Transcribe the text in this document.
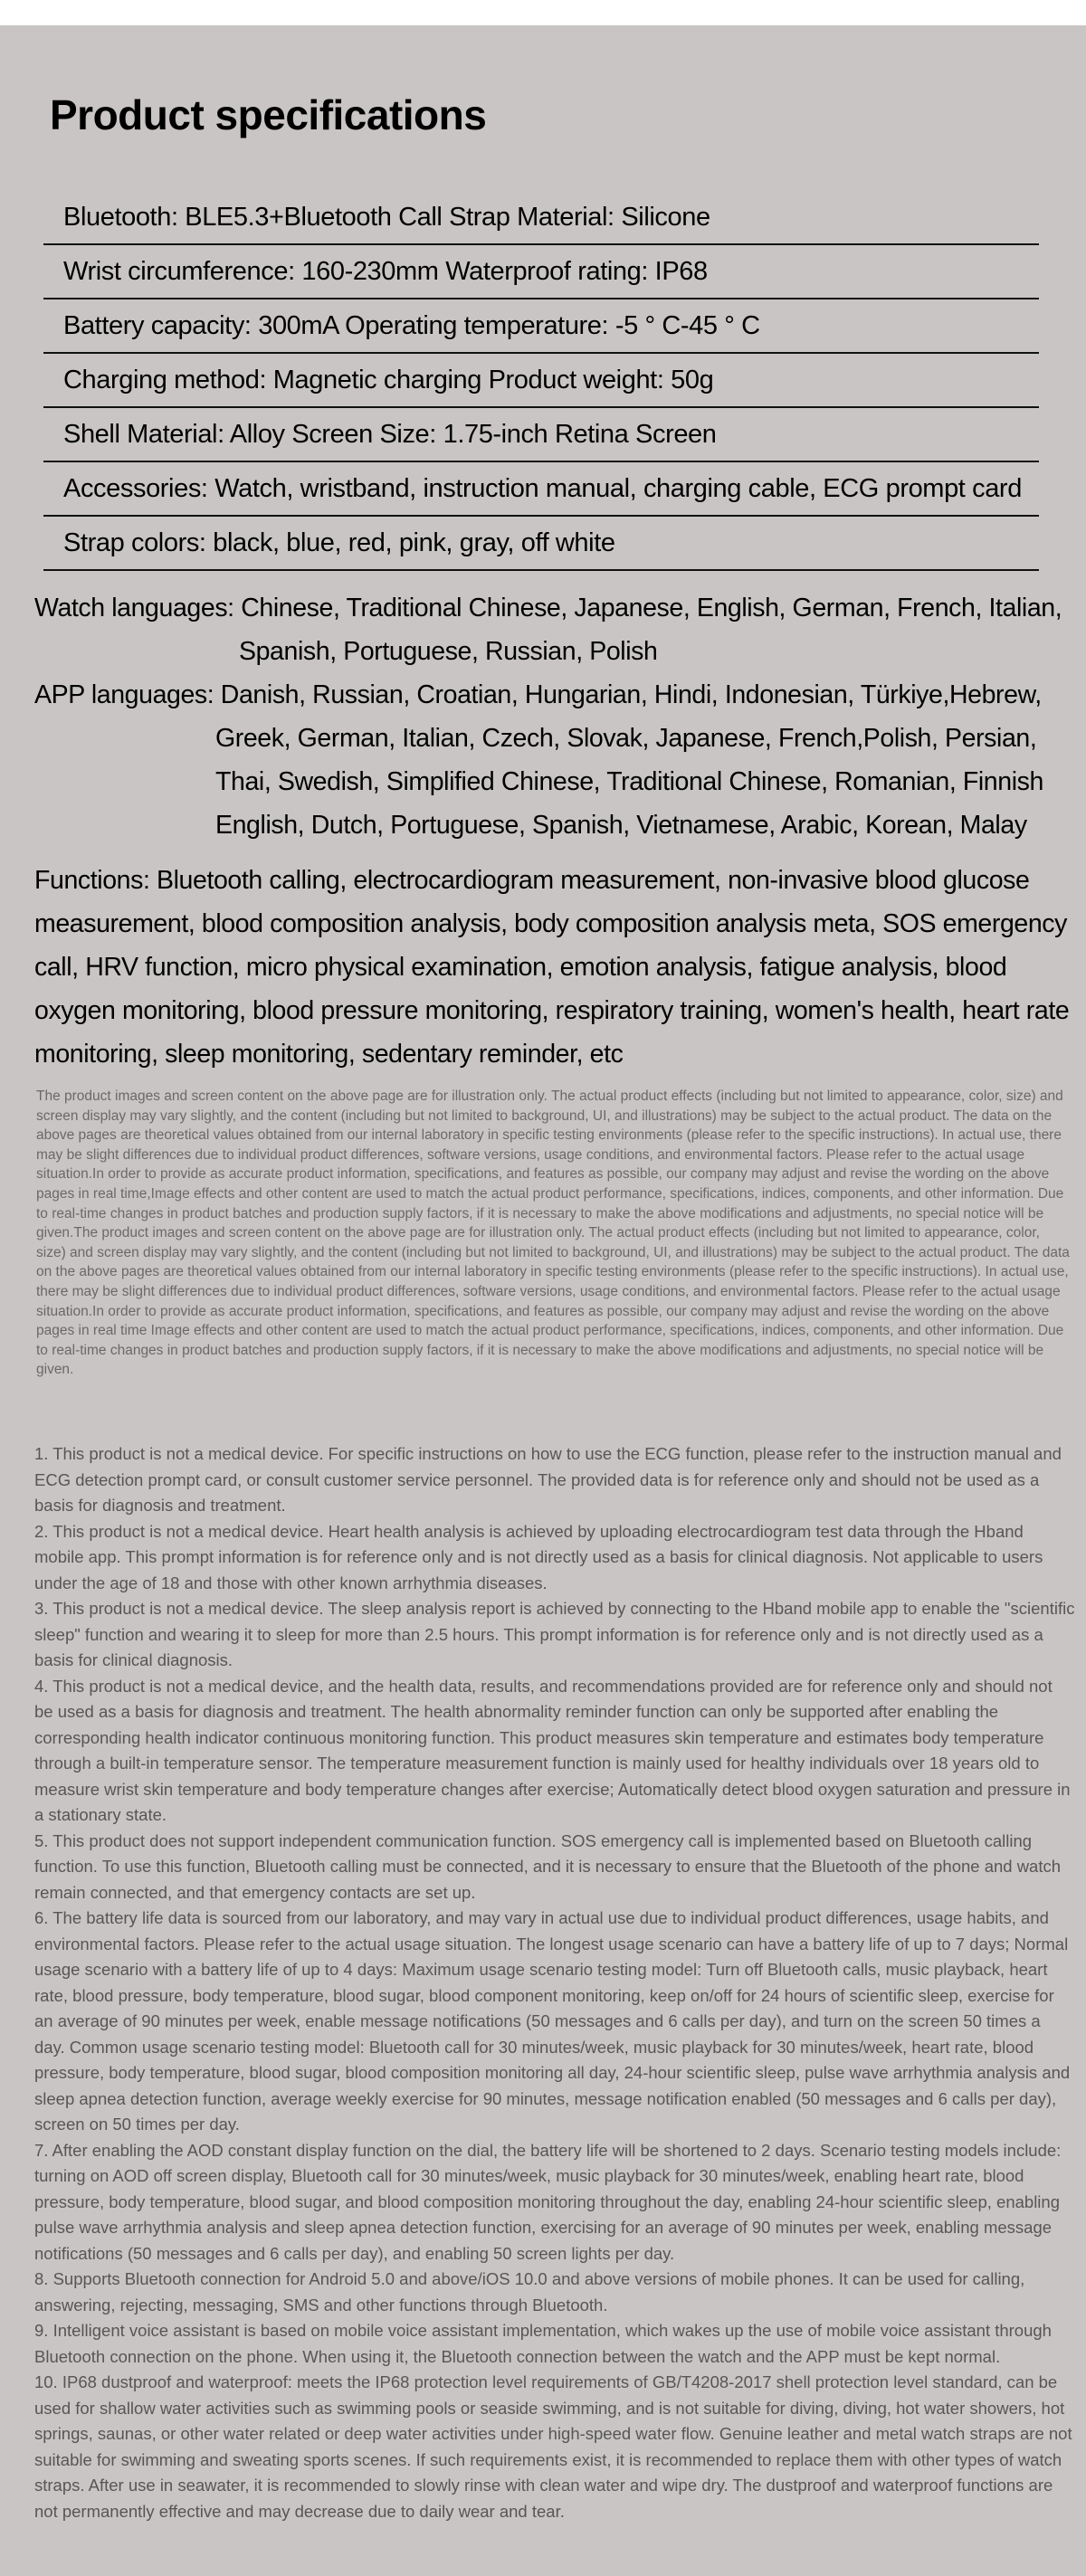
Product specifications
Bluetooth: BLE5.3+Bluetooth Call Strap Material: Silicone
Wrist circumference: 160-230mm Waterproof rating: IP68
Battery capacity: 300mA Operating temperature: -5 ° C-45 ° C
Charging method: Magnetic charging Product weight: 50g
Shell Material: Alloy Screen Size: 1.75-inch Retina Screen
Accessories: Watch, wristband, instruction manual, charging cable, ECG prompt card
Strap colors: black, blue, red, pink, gray, off white
Watch languages: Chinese, Traditional Chinese, Japanese, English, German, French, Italian,
Spanish, Portuguese, Russian, Polish
APP languages: Danish, Russian, Croatian, Hungarian, Hindi, Indonesian, Türkiye,Hebrew,
Greek, German, Italian, Czech, Slovak, Japanese, French,Polish, Persian,
Thai, Swedish, Simplified Chinese, Traditional Chinese, Romanian, Finnish
English, Dutch, Portuguese, Spanish, Vietnamese, Arabic, Korean, Malay

Functions: Bluetooth calling, electrocardiogram measurement, non-invasive blood glucose measurement, blood composition analysis, body composition analysis meta, SOS emergency call, HRV function, micro physical examination, emotion analysis, fatigue analysis, blood oxygen monitoring, blood pressure monitoring, respiratory training, women's health, heart rate monitoring, sleep monitoring, sedentary reminder, etc

The product images and screen content on the above page are for illustration only. The actual product effects (including but not limited to appearance, color, size) and screen display may vary slightly, and the content (including but not limited to background, UI, and illustrations) may be subject to the actual product. The data on the above pages are theoretical values obtained from our internal laboratory in specific testing environments (please refer to the specific instructions). In actual use, there may be slight differences due to individual product differences, software versions, usage conditions, and environmental factors. Please refer to the actual usage situation.In order to provide as accurate product information, specifications, and features as possible, our company may adjust and revise the wording on the above pages in real time,Image effects and other content are used to match the actual product performance, specifications, indices, components, and other information. Due to real-time changes in product batches and production supply factors, if it is necessary to make the above modifications and adjustments, no special notice will be given.The product images and screen content on the above page are for illustration only. The actual product effects (including but not limited to appearance, color, size) and screen display may vary slightly, and the content (including but not limited to background, UI, and illustrations) may be subject to the actual product. The data on the above pages are theoretical values obtained from our internal laboratory in specific testing environments (please refer to the specific instructions). In actual use, there may be slight differences due to individual product differences, software versions, usage conditions, and environmental factors. Please refer to the actual usage situation.In order to provide as accurate product information, specifications, and features as possible, our company may adjust and revise the wording on the above pages in real time Image effects and other content are used to match the actual product performance, specifications, indices, components, and other information. Due to real-time changes in product batches and production supply factors, if it is necessary to make the above modifications and adjustments, no special notice will be given.

1. This product is not a medical device. For specific instructions on how to use the ECG function, please refer to the instruction manual and ECG detection prompt card, or consult customer service personnel. The provided data is for reference only and should not be used as a basis for diagnosis and treatment.

2. This product is not a medical device. Heart health analysis is achieved by uploading electrocardiogram test data through the Hband mobile app. This prompt information is for reference only and is not directly used as a basis for clinical diagnosis. Not applicable to users under the age of 18 and those with other known arrhythmia diseases.

3. This product is not a medical device. The sleep analysis report is achieved by connecting to the Hband mobile app to enable the "scientific sleep" function and wearing it to sleep for more than 2.5 hours. This prompt information is for reference only and is not directly used as a basis for clinical diagnosis.

4. This product is not a medical device, and the health data, results, and recommendations provided are for reference only and should not be used as a basis for diagnosis and treatment. The health abnormality reminder function can only be supported after enabling the corresponding health indicator continuous monitoring function. This product measures skin temperature and estimates body temperature through a built-in temperature sensor. The temperature measurement function is mainly used for healthy individuals over 18 years old to measure wrist skin temperature and body temperature changes after exercise; Automatically detect blood oxygen saturation and pressure in a stationary state.

5. This product does not support independent communication function. SOS emergency call is implemented based on Bluetooth calling function. To use this function, Bluetooth calling must be connected, and it is necessary to ensure that the Bluetooth of the phone and watch remain connected, and that emergency contacts are set up.

6. The battery life data is sourced from our laboratory, and may vary in actual use due to individual product differences, usage habits, and environmental factors. Please refer to the actual usage situation. The longest usage scenario can have a battery life of up to 7 days; Normal usage scenario with a battery life of up to 4 days: Maximum usage scenario testing model: Turn off Bluetooth calls, music playback, heart rate, blood pressure, body temperature, blood sugar, blood component monitoring, keep on/off for 24 hours of scientific sleep, exercise for an average of 90 minutes per week, enable message notifications (50 messages and 6 calls per day), and turn on the screen 50 times a day. Common usage scenario testing model: Bluetooth call for 30 minutes/week, music playback for 30 minutes/week, heart rate, blood pressure, body temperature, blood sugar, blood composition monitoring all day, 24-hour scientific sleep, pulse wave arrhythmia analysis and sleep apnea detection function, average weekly exercise for 90 minutes, message notification enabled (50 messages and 6 calls per day), screen on 50 times per day.

7. After enabling the AOD constant display function on the dial, the battery life will be shortened to 2 days. Scenario testing models include: turning on AOD off screen display, Bluetooth call for 30 minutes/week, music playback for 30 minutes/week, enabling heart rate, blood pressure, body temperature, blood sugar, and blood composition monitoring throughout the day, enabling 24-hour scientific sleep, enabling pulse wave arrhythmia analysis and sleep apnea detection function, exercising for an average of 90 minutes per week, enabling message notifications (50 messages and 6 calls per day), and enabling 50 screen lights per day.

8. Supports Bluetooth connection for Android 5.0 and above/iOS 10.0 and above versions of mobile phones. It can be used for calling, answering, rejecting, messaging, SMS and other functions through Bluetooth.

9. Intelligent voice assistant is based on mobile voice assistant implementation, which wakes up the use of mobile voice assistant through Bluetooth connection on the phone. When using it, the Bluetooth connection between the watch and the APP must be kept normal.

10. IP68 dustproof and waterproof: meets the IP68 protection level requirements of GB/T4208-2017 shell protection level standard, can be used for shallow water activities such as swimming pools or seaside swimming, and is not suitable for diving, diving, hot water showers, hot springs, saunas, or other water related or deep water activities under high-speed water flow. Genuine leather and metal watch straps are not suitable for swimming and sweating sports scenes. If such requirements exist, it is recommended to replace them with other types of watch straps. After use in seawater, it is recommended to slowly rinse with clean water and wipe dry. The dustproof and waterproof functions are not permanently effective and may decrease due to daily wear and tear.
